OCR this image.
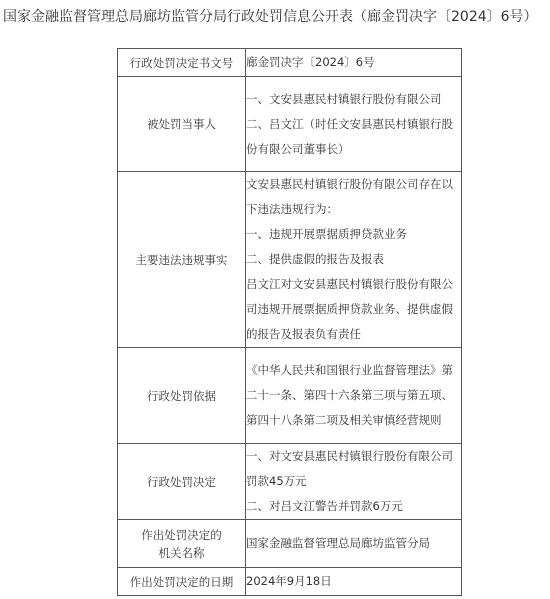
国家金融监督管理总局廊坊监管分局行政处罚信息公开表（廊金罚决字〔2024〕6号）
行政处罚决定书文号	廊金罚决字〔2024〕6号

被处罚当事人	一、文安县惠民村镇银行股份有限公司
二、吕文江（时任文安县惠民村镇银行股份有限公司董事长）

主要违法违规事实	文安县惠民村镇银行股份有限公司存在以下违法违规行为：
一、违规开展票据质押贷款业务
二、提供虚假的报告及报表
吕文江对文安县惠民村镇银行股份有限公司违规开展票据质押贷款业务、提供虚假的报告及报表负有责任

行政处罚依据	《中华人民共和国银行业监督管理法》第二十一条、第四十六条第三项与第五项、第四十八条第二项及相关审慎经营规则

行政处罚决定	一、对文安县惠民村镇银行股份有限公司罚款45万元
二、对吕文江警告并罚款6万元

作出处罚决定的
机关名称	国家金融监督管理总局廊坊监管分局

作出处罚决定的日期	2024年9月18日
